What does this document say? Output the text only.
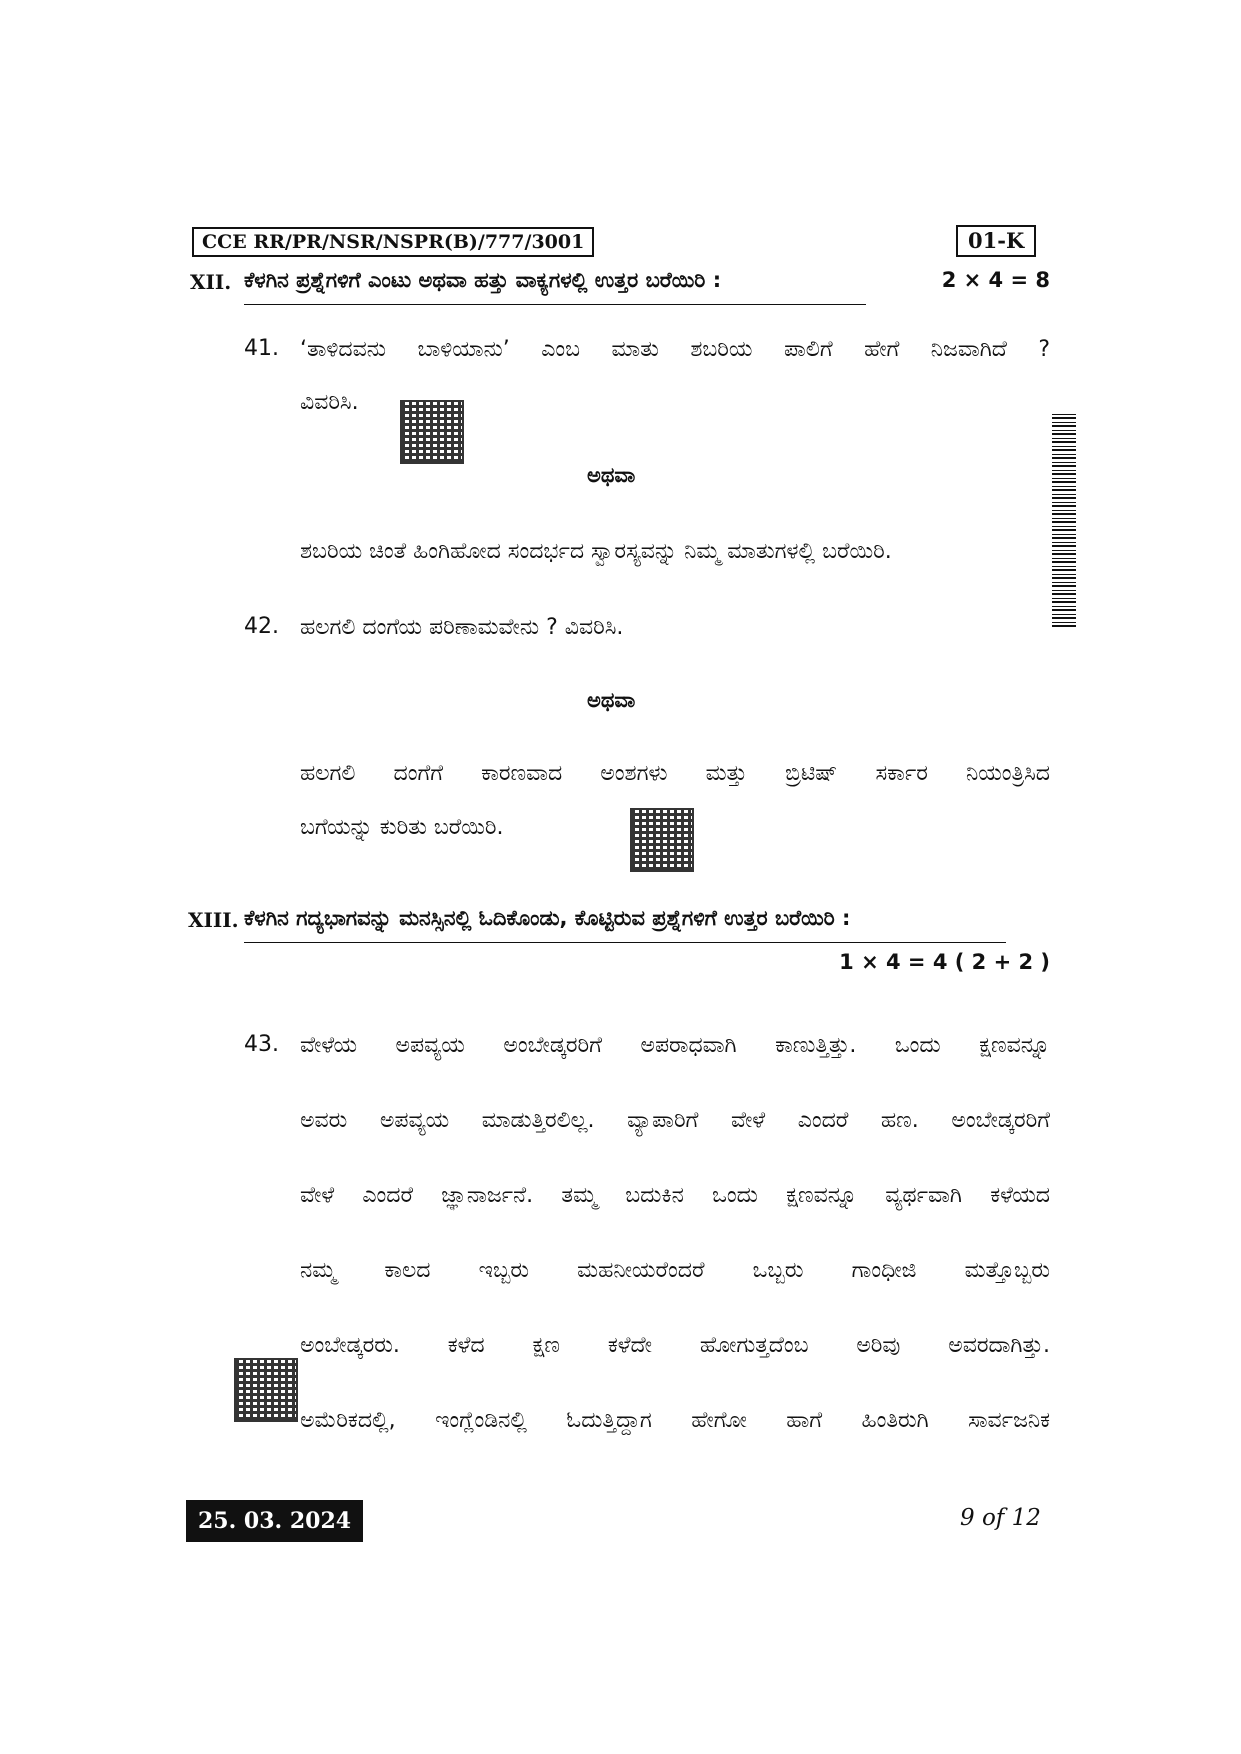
CCE RR/PR/NSR/NSPR(B)/777/3001	01-K
XII. ಕೆಳಗಿನ ಪ್ರಶ್ನೆಗಳಿಗೆ ಎಂಟು ಅಥವಾ ಹತ್ತು ವಾಕ್ಯಗಳಲ್ಲಿ ಉತ್ತರ ಬರೆಯಿರಿ :	2 × 4 = 8
41. ‘ತಾಳಿದವನು ಬಾಳಿಯಾನು’ ಎಂಬ ಮಾತು ಶಬರಿಯ ಪಾಲಿಗೆ ಹೇಗೆ ನಿಜವಾಗಿದೆ ?
ವಿವರಿಸಿ.
ಅಥವಾ
ಶಬರಿಯ ಚಿಂತೆ ಹಿಂಗಿಹೋದ ಸಂದರ್ಭದ ಸ್ವಾರಸ್ಯವನ್ನು ನಿಮ್ಮ ಮಾತುಗಳಲ್ಲಿ ಬರೆಯಿರಿ.
42. ಹಲಗಲಿ ದಂಗೆಯ ಪರಿಣಾಮವೇನು ? ವಿವರಿಸಿ.
ಅಥವಾ
ಹಲಗಲಿ ದಂಗೆಗೆ ಕಾರಣವಾದ ಅಂಶಗಳು ಮತ್ತು ಬ್ರಿಟಿಷ್ ಸರ್ಕಾರ ನಿಯಂತ್ರಿಸಿದ
ಬಗೆಯನ್ನು ಕುರಿತು ಬರೆಯಿರಿ.
XIII. ಕೆಳಗಿನ ಗದ್ಯಭಾಗವನ್ನು ಮನಸ್ಸಿನಲ್ಲಿ ಓದಿಕೊಂಡು, ಕೊಟ್ಟಿರುವ ಪ್ರಶ್ನೆಗಳಿಗೆ ಉತ್ತರ ಬರೆಯಿರಿ :
1 × 4 = 4 ( 2 + 2 )
43. ವೇಳೆಯ ಅಪವ್ಯಯ ಅಂಬೇಡ್ಕರರಿಗೆ ಅಪರಾಧವಾಗಿ ಕಾಣುತ್ತಿತ್ತು. ಒಂದು ಕ್ಷಣವನ್ನೂ
ಅವರು ಅಪವ್ಯಯ ಮಾಡುತ್ತಿರಲಿಲ್ಲ. ವ್ಯಾಪಾರಿಗೆ ವೇಳೆ ಎಂದರೆ ಹಣ. ಅಂಬೇಡ್ಕರರಿಗೆ
ವೇಳೆ ಎಂದರೆ ಜ್ಞಾನಾರ್ಜನೆ. ತಮ್ಮ ಬದುಕಿನ ಒಂದು ಕ್ಷಣವನ್ನೂ ವ್ಯರ್ಥವಾಗಿ ಕಳೆಯದ
ನಮ್ಮ ಕಾಲದ ಇಬ್ಬರು ಮಹನೀಯರೆಂದರೆ ಒಬ್ಬರು ಗಾಂಧೀಜಿ ಮತ್ತೊಬ್ಬರು
ಅಂಬೇಡ್ಕರರು. ಕಳೆದ ಕ್ಷಣ ಕಳೆದೇ ಹೋಗುತ್ತದೆಂಬ ಅರಿವು ಅವರದಾಗಿತ್ತು.
ಅಮೆರಿಕದಲ್ಲಿ, ಇಂಗ್ಲೆಂಡಿನಲ್ಲಿ ಓದುತ್ತಿದ್ದಾಗ ಹೇಗೋ ಹಾಗೆ ಹಿಂತಿರುಗಿ ಸಾರ್ವಜನಿಕ
25. 03. 2024	9 of 12
